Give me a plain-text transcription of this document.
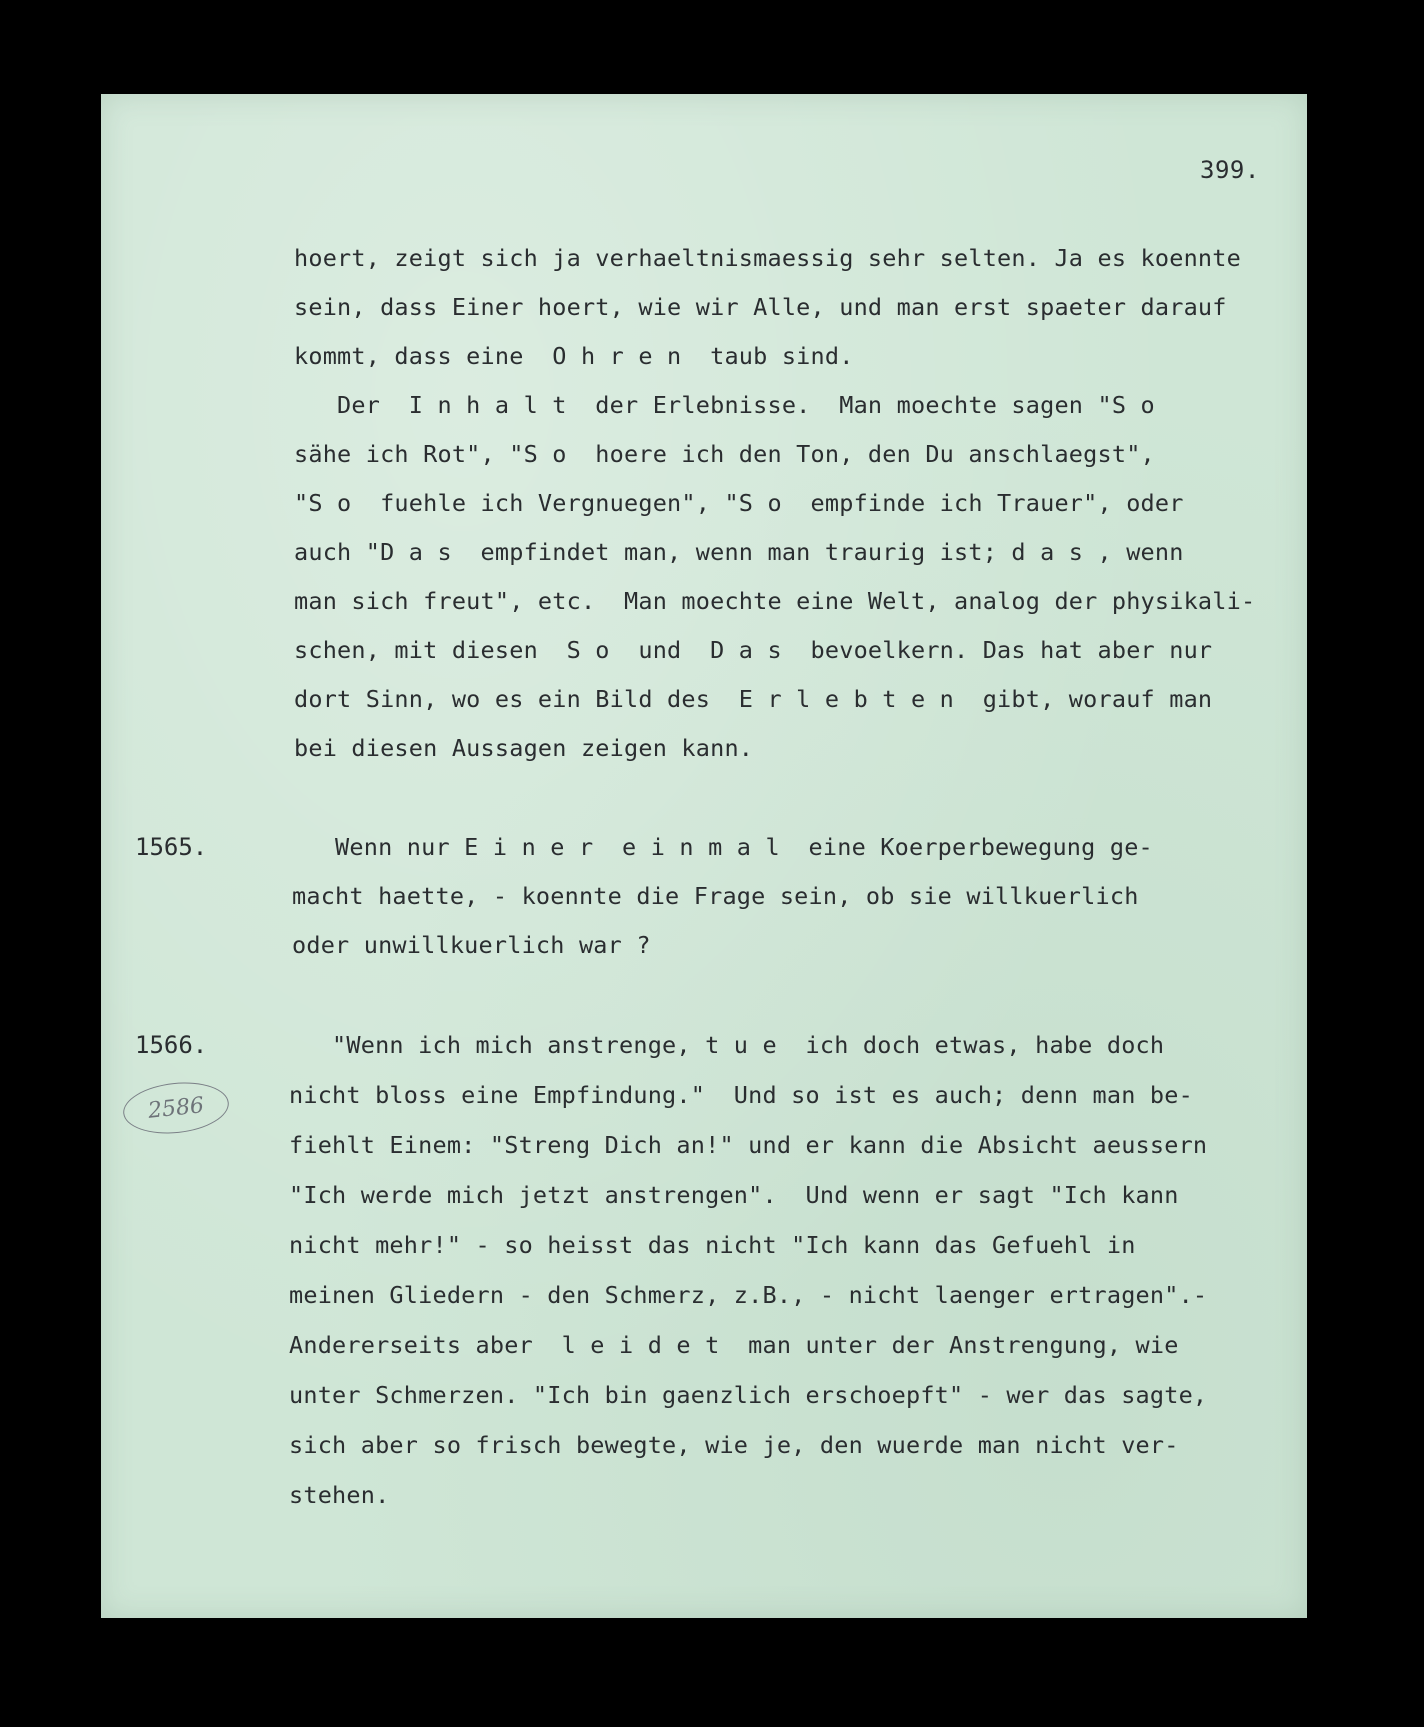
399.
hoert, zeigt sich ja verhaeltnismaessig sehr selten. Ja es koennte
sein, dass Einer hoert, wie wir Alle, und man erst spaeter darauf
kommt, dass eine  O h r e n  taub sind.
Der  I n h a l t  der Erlebnisse.  Man moechte sagen "S o
sähe ich Rot", "S o  hoere ich den Ton, den Du anschlaegst",
"S o  fuehle ich Vergnuegen", "S o  empfinde ich Trauer", oder
auch "D a s  empfindet man, wenn man traurig ist; d a s , wenn
man sich freut", etc.  Man moechte eine Welt, analog der physikali-
schen, mit diesen  S o  und  D a s  bevoelkern. Das hat aber nur
dort Sinn, wo es ein Bild des  E r l e b t e n  gibt, worauf man
bei diesen Aussagen zeigen kann.
1565.	Wenn nur E i n e r  e i n m a l  eine Koerperbewegung ge-
macht haette, - koennte die Frage sein, ob sie willkuerlich
oder unwillkuerlich war ?
1566.
2586
"Wenn ich mich anstrenge, t u e  ich doch etwas, habe doch
nicht bloss eine Empfindung."  Und so ist es auch; denn man be-
fiehlt Einem: "Streng Dich an!" und er kann die Absicht aeussern
"Ich werde mich jetzt anstrengen".  Und wenn er sagt "Ich kann
nicht mehr!" - so heisst das nicht "Ich kann das Gefuehl in
meinen Gliedern - den Schmerz, z.B., - nicht laenger ertragen".-
Andererseits aber  l e i d e t  man unter der Anstrengung, wie
unter Schmerzen. "Ich bin gaenzlich erschoepft" - wer das sagte,
sich aber so frisch bewegte, wie je, den wuerde man nicht ver-
stehen.
